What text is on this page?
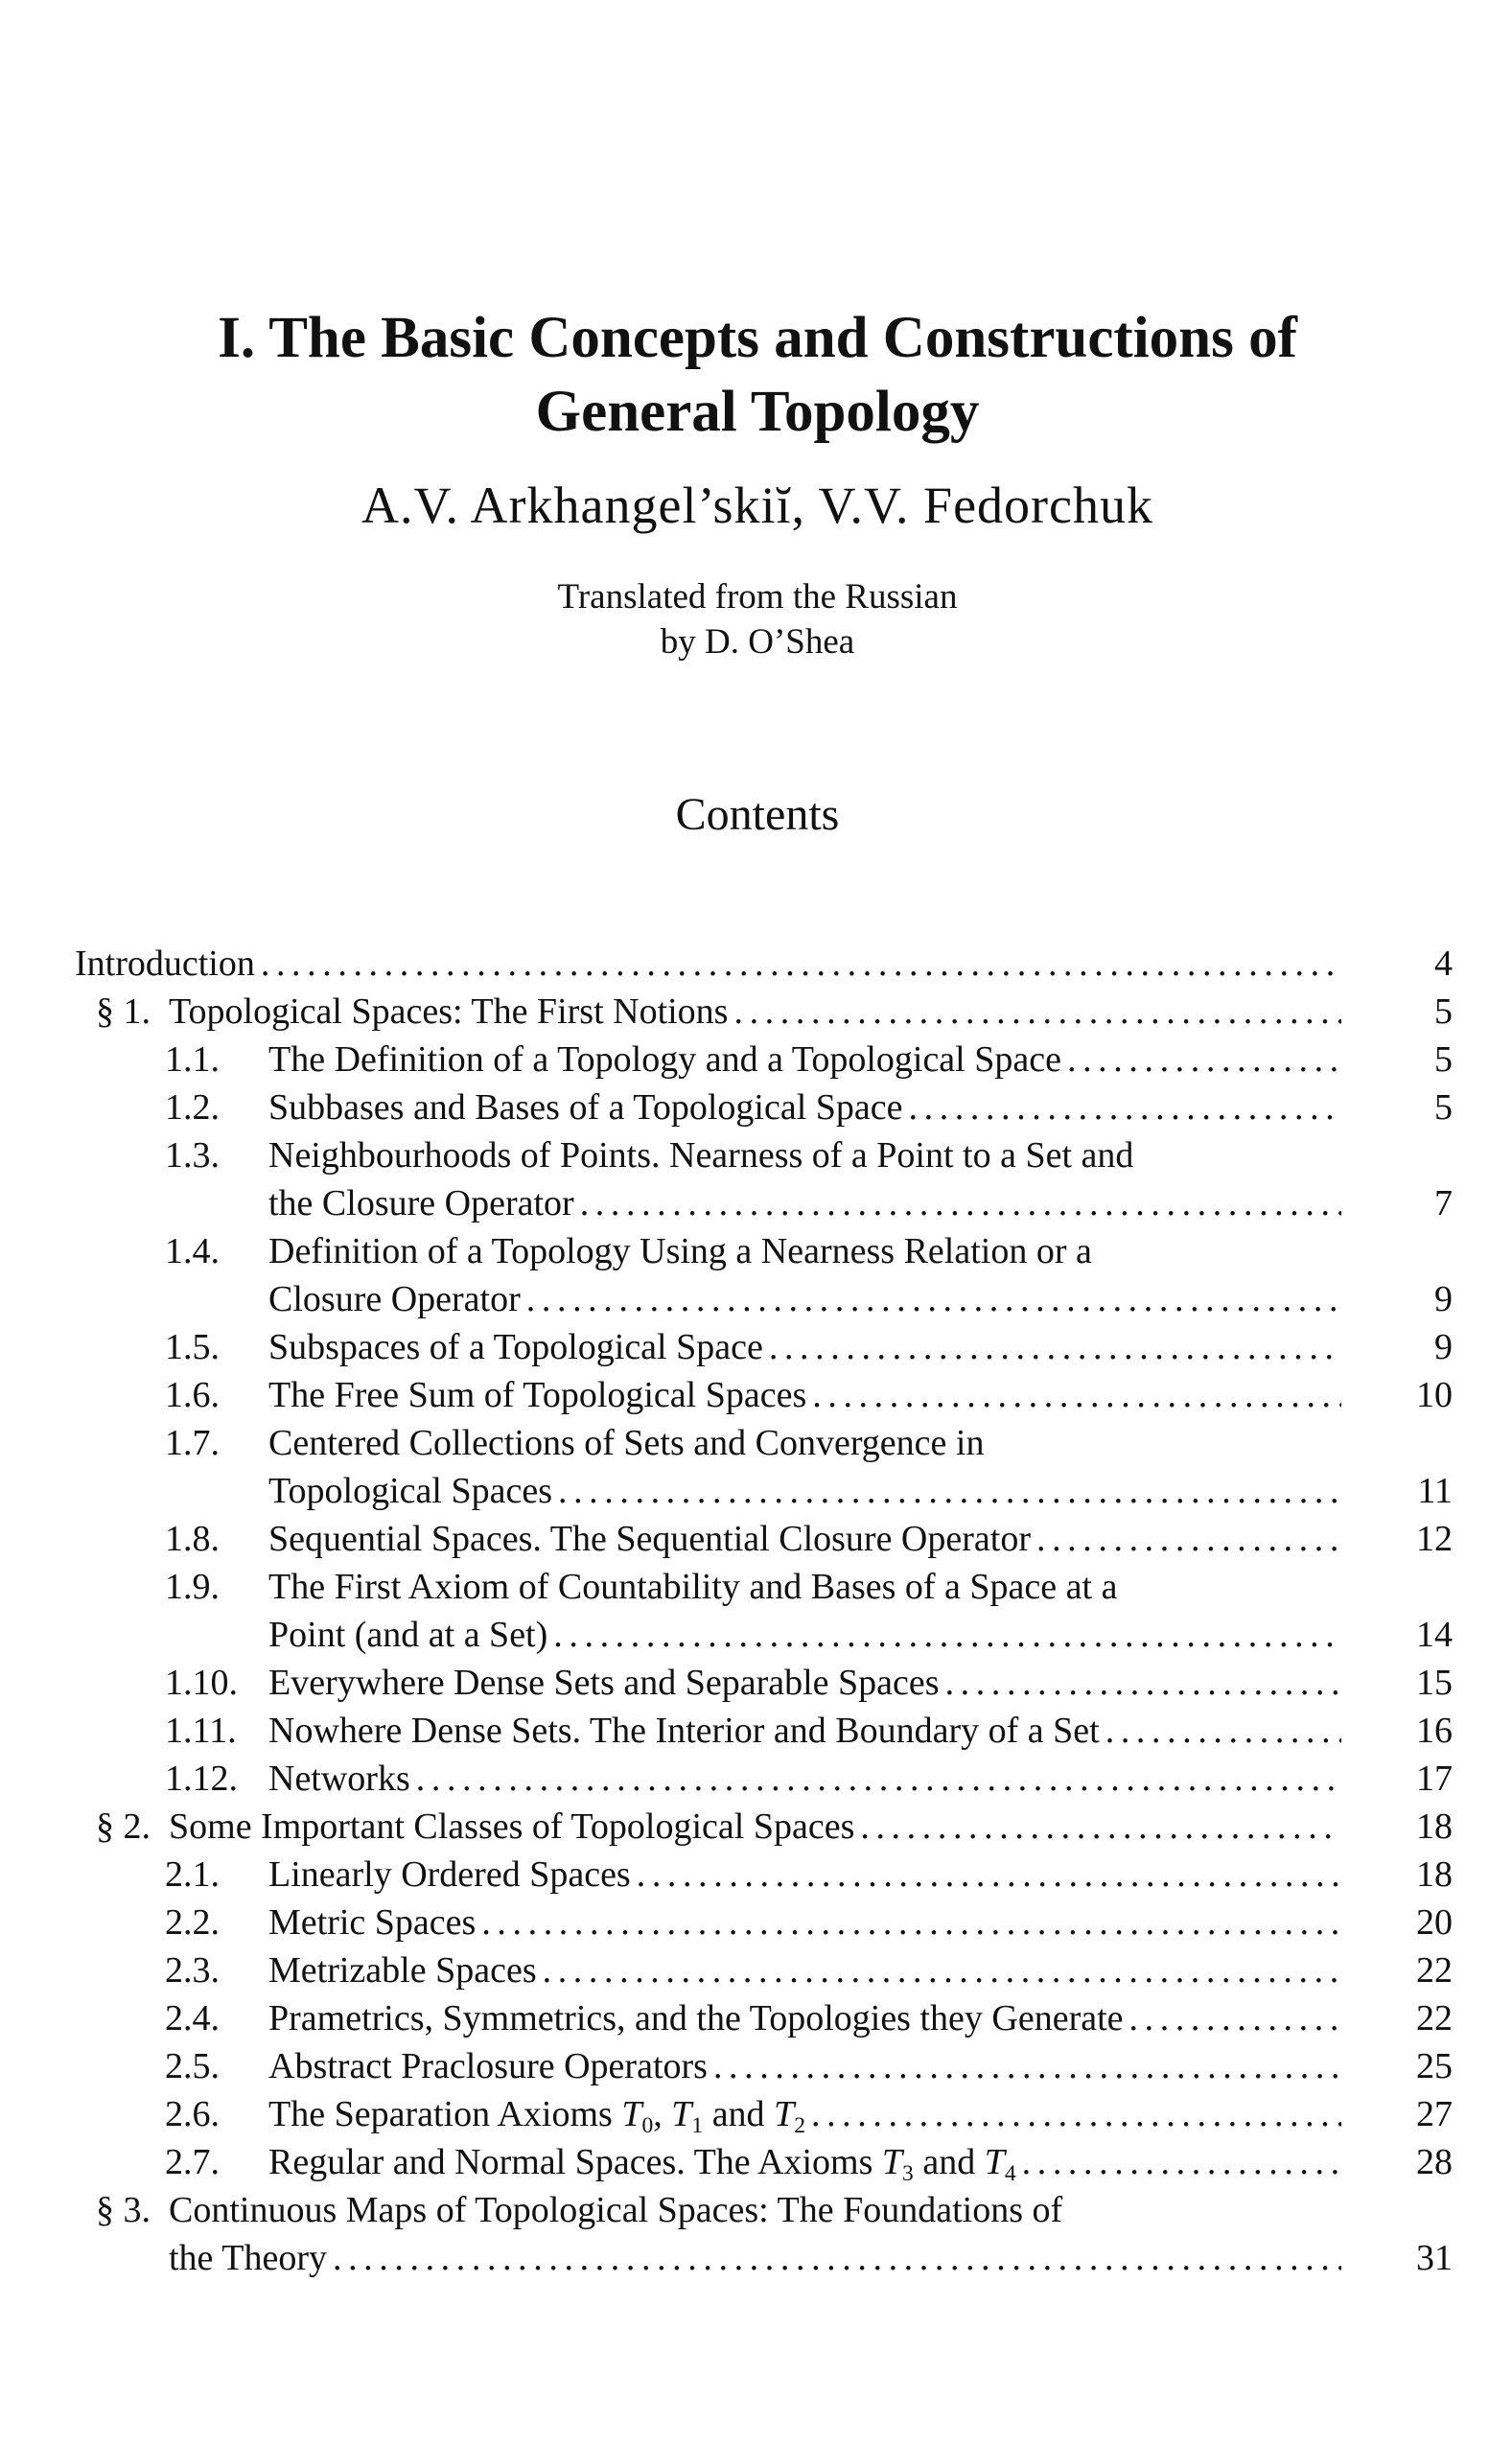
I. The Basic Concepts and Constructions of
General Topology
A.V. Arkhangel’skiĭ, V.V. Fedorchuk
Translated from the Russian
by D. O’Shea
Contents
Introduction .....	4
§ 1. Topological Spaces: The First Notions .....	5
1.1. The Definition of a Topology and a Topological Space .....	5
1.2. Subbases and Bases of a Topological Space .....	5
1.3. Neighbourhoods of Points. Nearness of a Point to a Set and
the Closure Operator .....	7
1.4. Definition of a Topology Using a Nearness Relation or a
Closure Operator .....	9
1.5. Subspaces of a Topological Space .....	9
1.6. The Free Sum of Topological Spaces .....	10
1.7. Centered Collections of Sets and Convergence in
Topological Spaces .....	11
1.8. Sequential Spaces. The Sequential Closure Operator .....	12
1.9. The First Axiom of Countability and Bases of a Space at a
Point (and at a Set) .....	14
1.10. Everywhere Dense Sets and Separable Spaces .....	15
1.11. Nowhere Dense Sets. The Interior and Boundary of a Set .....	16
1.12. Networks .....	17
§ 2. Some Important Classes of Topological Spaces .....	18
2.1. Linearly Ordered Spaces .....	18
2.2. Metric Spaces .....	20
2.3. Metrizable Spaces .....	22
2.4. Prametrics, Symmetrics, and the Topologies they Generate .....	22
2.5. Abstract Praclosure Operators .....	25
2.6. The Separation Axioms $T_0$, $T_1$ and $T_2$ .....	27
2.7. Regular and Normal Spaces. The Axioms $T_3$ and $T_4$ .....	28
§ 3. Continuous Maps of Topological Spaces: The Foundations of
the Theory .....	31
